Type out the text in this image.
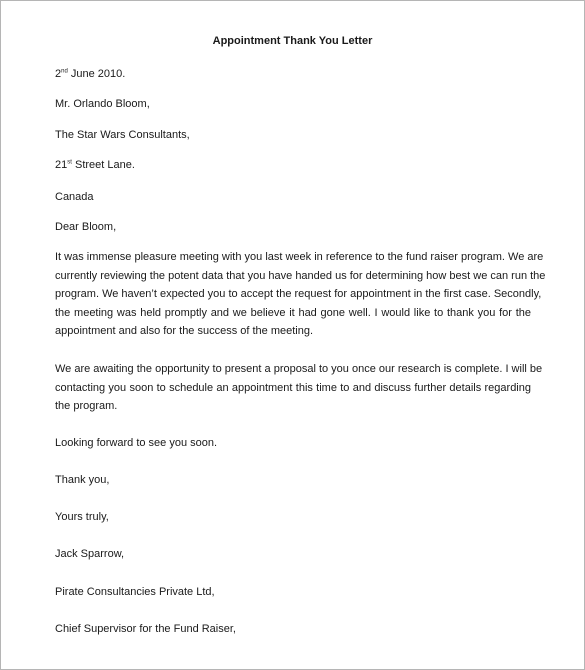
Appointment Thank You Letter
2nd June 2010.
Mr. Orlando Bloom,
The Star Wars Consultants,
21st Street Lane.
Canada
Dear Bloom,
It was immense pleasure meeting with you last week in reference to the fund raiser program. We are
currently reviewing the potent data that you have handed us for determining how best we can run the
program. We haven’t expected you to accept the request for appointment in the first case. Secondly,
the meeting was held promptly and we believe it had gone well. I would like to thank you for the
appointment and also for the success of the meeting.
We are awaiting the opportunity to present a proposal to you once our research is complete. I will be
contacting you soon to schedule an appointment this time to and discuss further details regarding
the program.
Looking forward to see you soon.
Thank you,
Yours truly,
Jack Sparrow,
Pirate Consultancies Private Ltd,
Chief Supervisor for the Fund Raiser,
